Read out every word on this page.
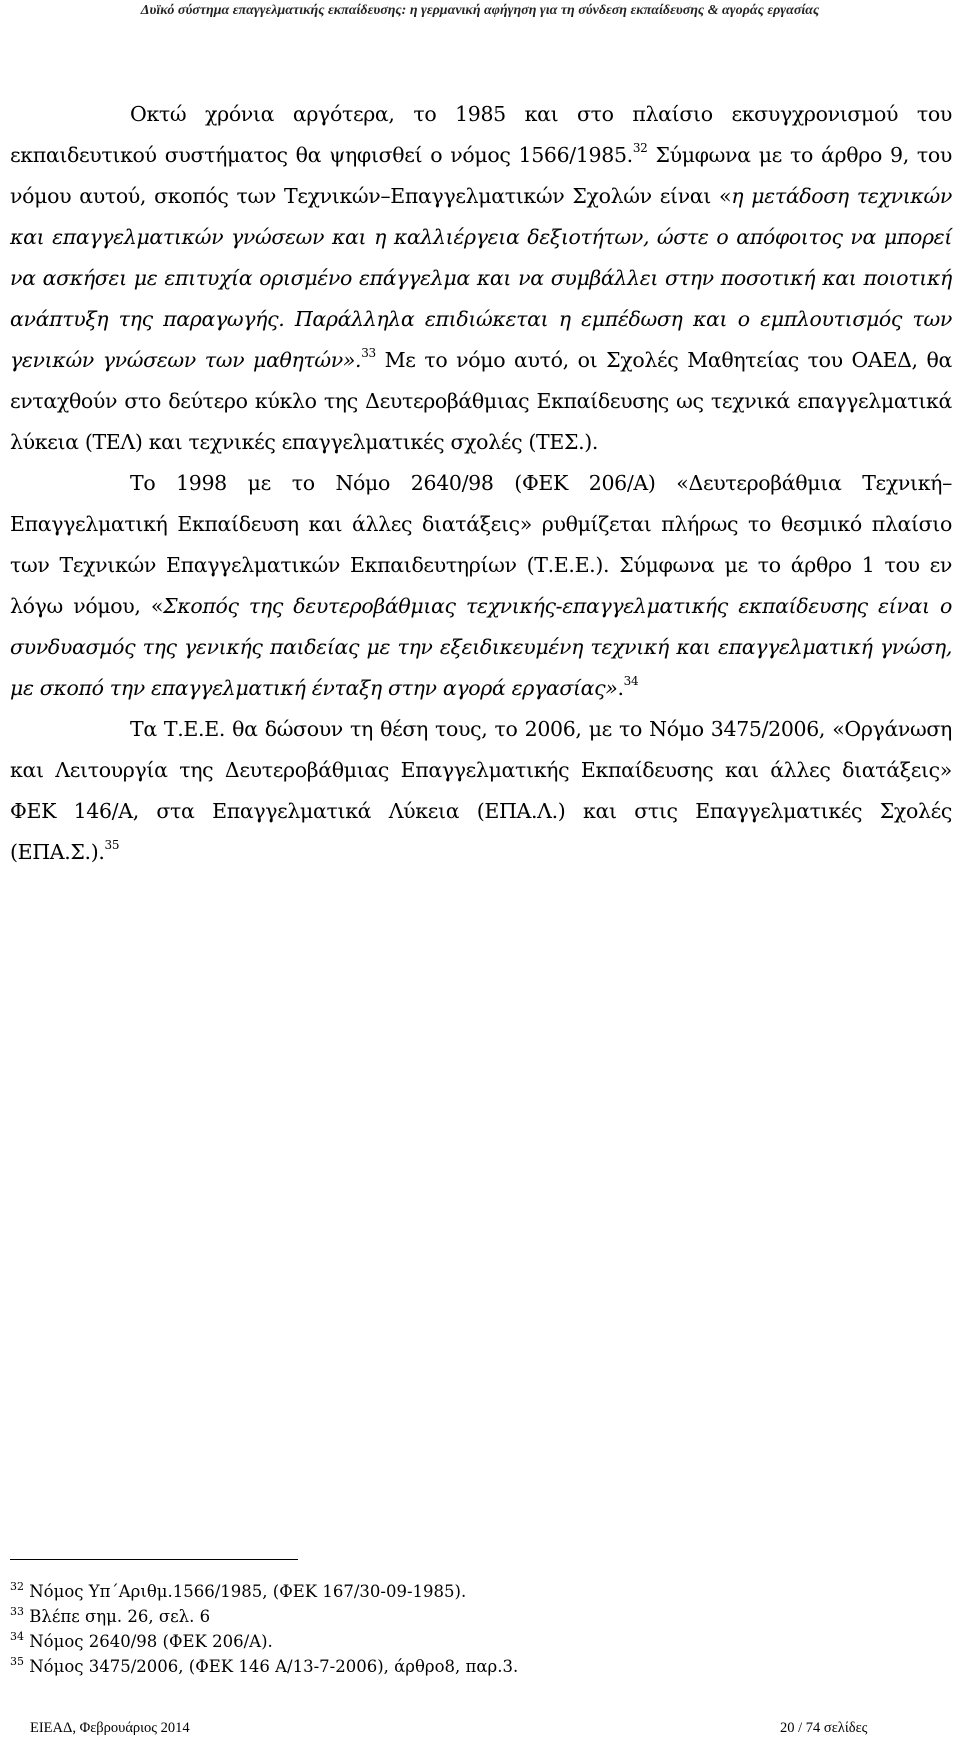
Δυϊκό σύστημα επαγγελματικής εκπαίδευσης: η γερμανική αφήγηση για τη σύνδεση εκπαίδευσης & αγοράς εργασίας

Οκτώ χρόνια αργότερα, το 1985 και στο πλαίσιο εκσυγχρονισμού του εκπαιδευτικού συστήματος θα ψηφισθεί ο νόμος 1566/1985.32 Σύμφωνα με το άρθρο 9, του νόμου αυτού, σκοπός των Τεχνικών–Επαγγελματικών Σχολών είναι «η μετάδοση τεχνικών και επαγγελματικών γνώσεων και η καλλιέργεια δεξιοτήτων, ώστε ο απόφοιτος να μπορεί να ασκήσει με επιτυχία ορισμένο επάγγελμα και να συμβάλλει στην ποσοτική και ποιοτική ανάπτυξη της παραγωγής. Παράλληλα επιδιώκεται η εμπέδωση και ο εμπλουτισμός των γενικών γνώσεων των μαθητών».$^{33}$ Με το νόμο αυτό, οι Σχολές Μαθητείας του ΟΑΕΔ, θα ενταχθούν στο δεύτερο κύκλο της Δευτεροβάθμιας Εκπαίδευσης ως τεχνικά επαγγελματικά λύκεια (ΤΕΛ) και τεχνικές επαγγελματικές σχολές (ΤΕΣ.).

Το 1998 με το Νόμο 2640/98 (ΦΕΚ 206/Α) «Δευτεροβάθμια Τεχνική–Επαγγελματική Εκπαίδευση και άλλες διατάξεις» ρυθμίζεται πλήρως το θεσμικό πλαίσιο των Τεχνικών Επαγγελματικών Εκπαιδευτηρίων (Τ.Ε.Ε.). Σύμφωνα με το άρθρο 1 του εν λόγω νόμου, «Σκοπός της δευτεροβάθμιας τεχνικής-επαγγελματικής εκπαίδευσης είναι ο συνδυασμός της γενικής παιδείας με την εξειδικευμένη τεχνική και επαγγελματική γνώση, με σκοπό την επαγγελματική ένταξη στην αγορά εργασίας».$^{34}$

Τα Τ.Ε.Ε. θα δώσουν τη θέση τους, το 2006, με το Νόμο 3475/2006, «Οργάνωση και Λειτουργία της Δευτεροβάθμιας Επαγγελματικής Εκπαίδευσης και άλλες διατάξεις» ΦΕΚ 146/Α, στα Επαγγελματικά Λύκεια (ΕΠΑ.Λ.) και στις Επαγγελματικές Σχολές (ΕΠΑ.Σ.).$^{35}$

$^{32}$ Νόμος Υπ΄Αριθμ.1566/1985, (ΦΕΚ 167/30-09-1985).
$^{33}$ Βλέπε σημ. 26, σελ. 6
$^{34}$ Νόμος 2640/98 (ΦΕΚ 206/Α).
$^{35}$ Νόμος 3475/2006, (ΦΕΚ 146 Α/13-7-2006), άρθρο8, παρ.3.
ΕΙΕΑΔ, Φεβρουάριος 2014	20 / 74 σελίδες
